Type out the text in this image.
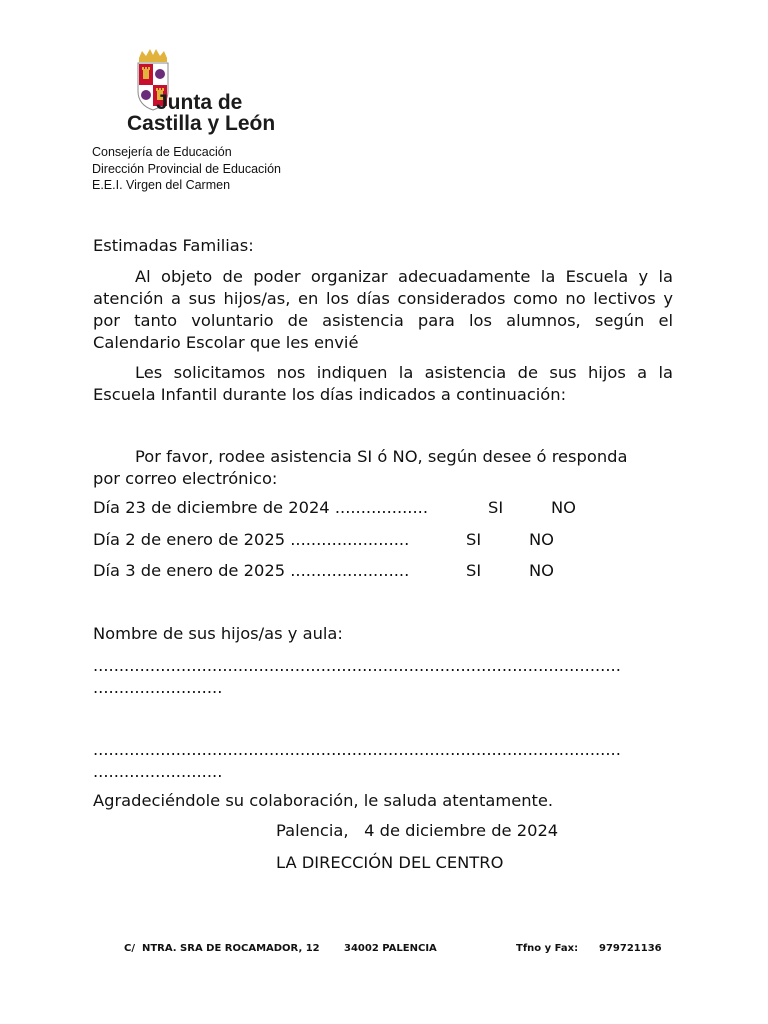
Junta de
Castilla y León
Consejería de Educación
Dirección Provincial de Educación
E.E.I. Virgen del Carmen
Estimadas Familias:
Al objeto de poder organizar adecuadamente la Escuela y la atención a sus hijos/as, en los días considerados como no lectivos y por tanto voluntario de asistencia para los alumnos, según el Calendario Escolar que les envié
Les solicitamos nos indiquen la asistencia de sus hijos a la Escuela Infantil durante los días indicados a continuación:
Por favor, rodee asistencia SI ó NO, según desee ó responda por correo electrónico:
Día 23 de diciembre de 2024 ..................	SI	NO
Día 2 de enero de 2025 .......................	SI	NO
Día 3 de enero de 2025 .......................	SI	NO
Nombre de sus hijos/as y aula:
......................................................................................................
.........................
......................................................................................................
.........................
Agradeciéndole su colaboración, le saluda atentamente.
Palencia,   4 de diciembre de 2024
LA DIRECCIÓN DEL CENTRO
C/  NTRA. SRA DE ROCAMADOR, 12 34002 PALENCIA	Tfno y Fax: 979721136
